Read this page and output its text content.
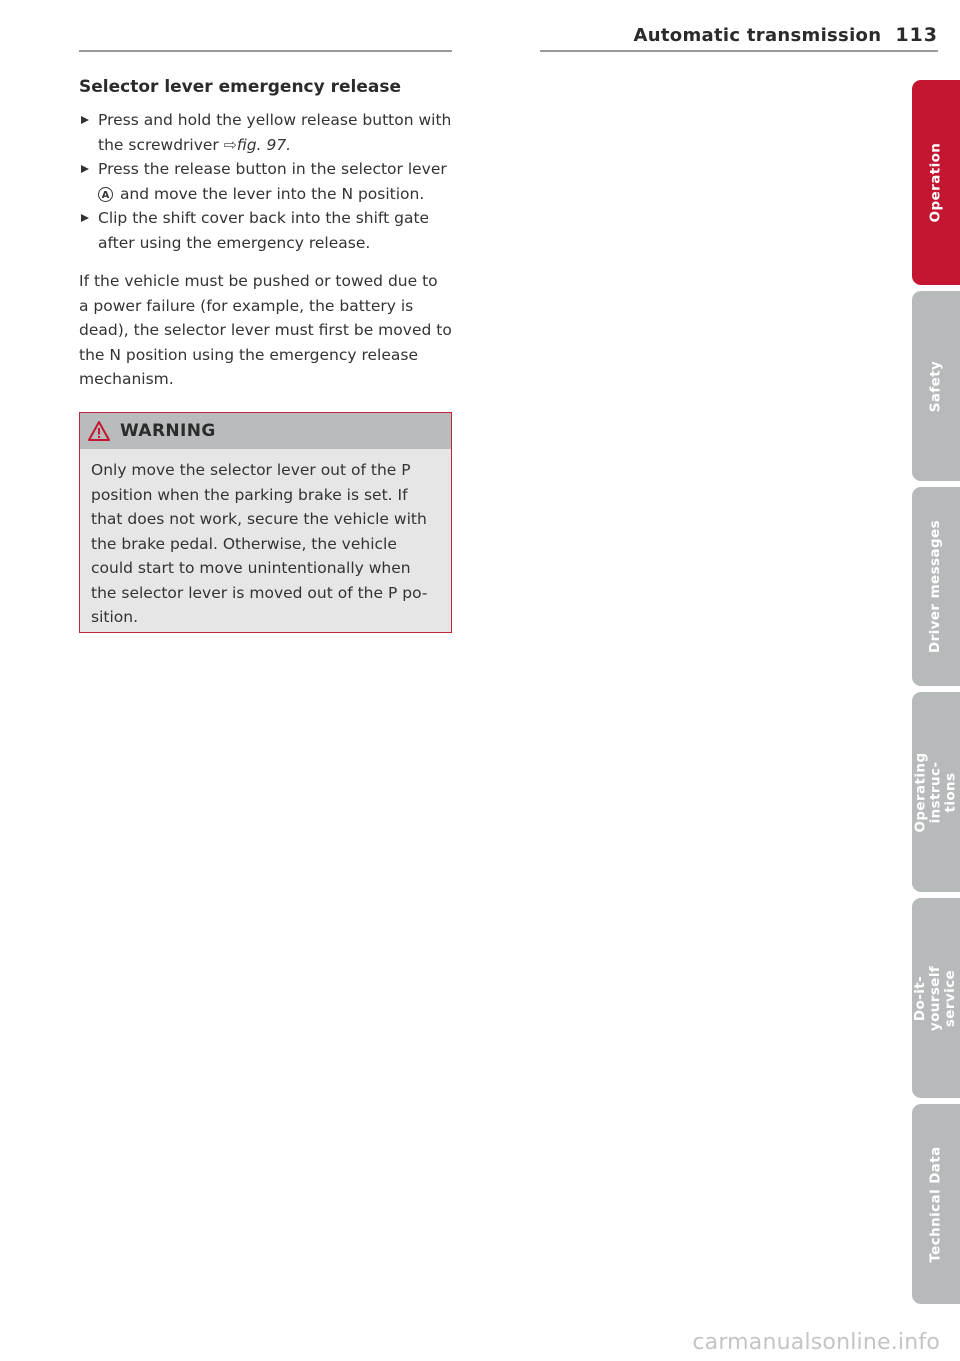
Automatic transmission 113
Selector lever emergency release
Press and hold the yellow release button with the screwdriver ⇨fig. 97.
Press the release button in the selector lever A and move the lever into the N position.
Clip the shift cover back into the shift gate after using the emergency release.

If the vehicle must be pushed or towed due to a power failure (for example, the battery is dead), the selector lever must first be moved to the N position using the emergency release mechanism.

WARNING
Only move the selector lever out of the P position when the parking brake is set. If that does not work, secure the vehicle with the brake pedal. Otherwise, the vehicle could start to move unintentionally when the selector lever is moved out of the P po-sition.
Operation
Safety
Driver messages
Operating instruc-tions
Do-it-yourself service
Technical Data
carmanualsonline.info
